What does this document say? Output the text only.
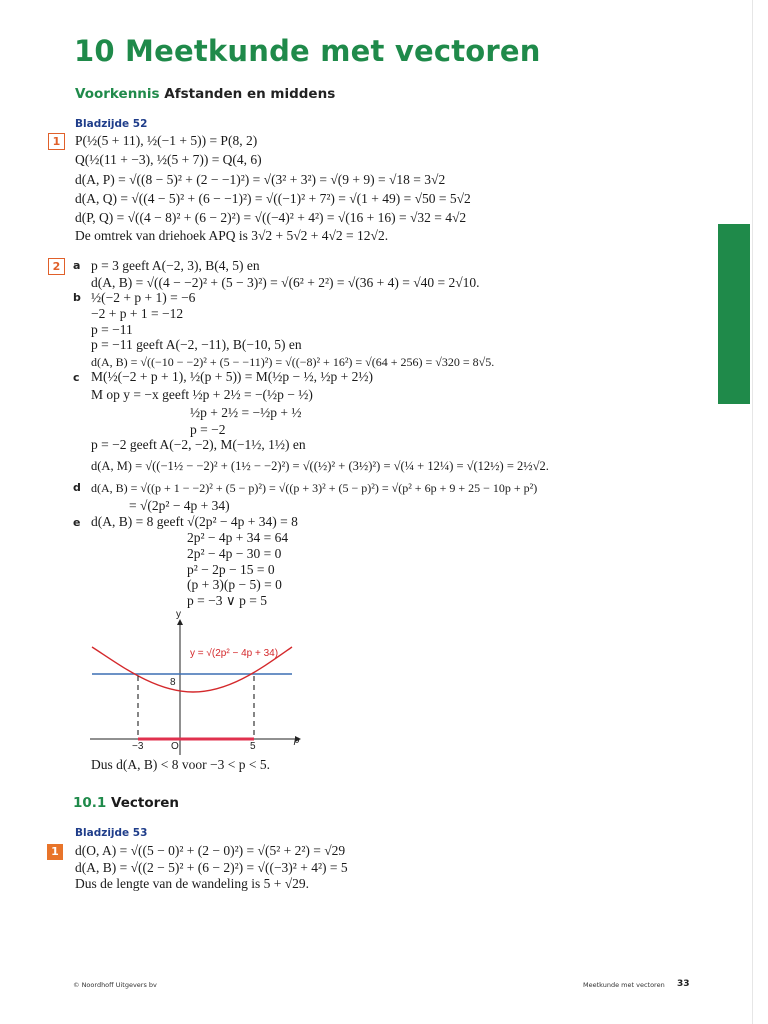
10 Meetkunde met vectoren
Voorkennis Afstanden en middens
Bladzijde 52
1	P(½(5 + 11), ½(−1 + 5)) = P(8, 2)
Q(½(11 + −3), ½(5 + 7)) = Q(4, 6)
d(A, P) = √((8 − 5)² + (2 − −1)²) = √(3² + 3²) = √(9 + 9) = √18 = 3√2
d(A, Q) = √((4 − 5)² + (6 − −1)²) = √((−1)² + 7²) = √(1 + 49) = √50 = 5√2
d(P, Q) = √((4 − 8)² + (6 − 2)²) = √((−4)² + 4²) = √(16 + 16) = √32 = 4√2
De omtrek van driehoek APQ is 3√2 + 5√2 + 4√2 = 12√2.
2	a p = 3 geeft A(−2, 3), B(4, 5) en
d(A, B) = √((4 − −2)² + (5 − 3)²) = √(6² + 2²) = √(36 + 4) = √40 = 2√10.
b ½(−2 + p + 1) = −6
−2 + p + 1 = −12
p = −11
p = −11 geeft A(−2, −11), B(−10, 5) en
d(A, B) = √((−10 − −2)² + (5 − −11)²) = √((−8)² + 16²) = √(64 + 256) = √320 = 8√5.
c M(½(−2 + p + 1), ½(p + 5)) = M(½p − ½, ½p + 2½)
M op y = −x geeft ½p + 2½ = −(½p − ½)
½p + 2½ = −½p + ½
p = −2
p = −2 geeft A(−2, −2), M(−1½, 1½) en
d(A, M) = √((−1½ − −2)² + (1½ − −2)²) = √((½)² + (3½)²) = √(¼ + 12¼) = √(12½) = 2½√2.
d d(A, B) = √((p + 1 − −2)² + (5 − p)²) = √((p + 3)² + (5 − p)²) = √(p² + 6p + 9 + 25 − 10p + p²)
= √(2p² − 4p + 34)
e d(A, B) = 8 geeft √(2p² − 4p + 34) = 8
2p² − 4p + 34 = 64
2p² − 4p − 30 = 0
p² − 2p − 15 = 0
(p + 3)(p − 5) = 0
p = −3 ∨ p = 5
y
p
y = √(2p² − 4p + 34)
8
−3	O	5
Dus d(A, B) < 8 voor −3 < p < 5.
10.1 Vectoren
Bladzijde 53
1	d(O, A) = √((5 − 0)² + (2 − 0)²) = √(5² + 2²) = √29
d(A, B) = √((2 − 5)² + (6 − 2)²) = √((−3)² + 4²) = 5
Dus de lengte van de wandeling is 5 + √29.
© Noordhoff Uitgevers bv	Meetkunde met vectoren 33
